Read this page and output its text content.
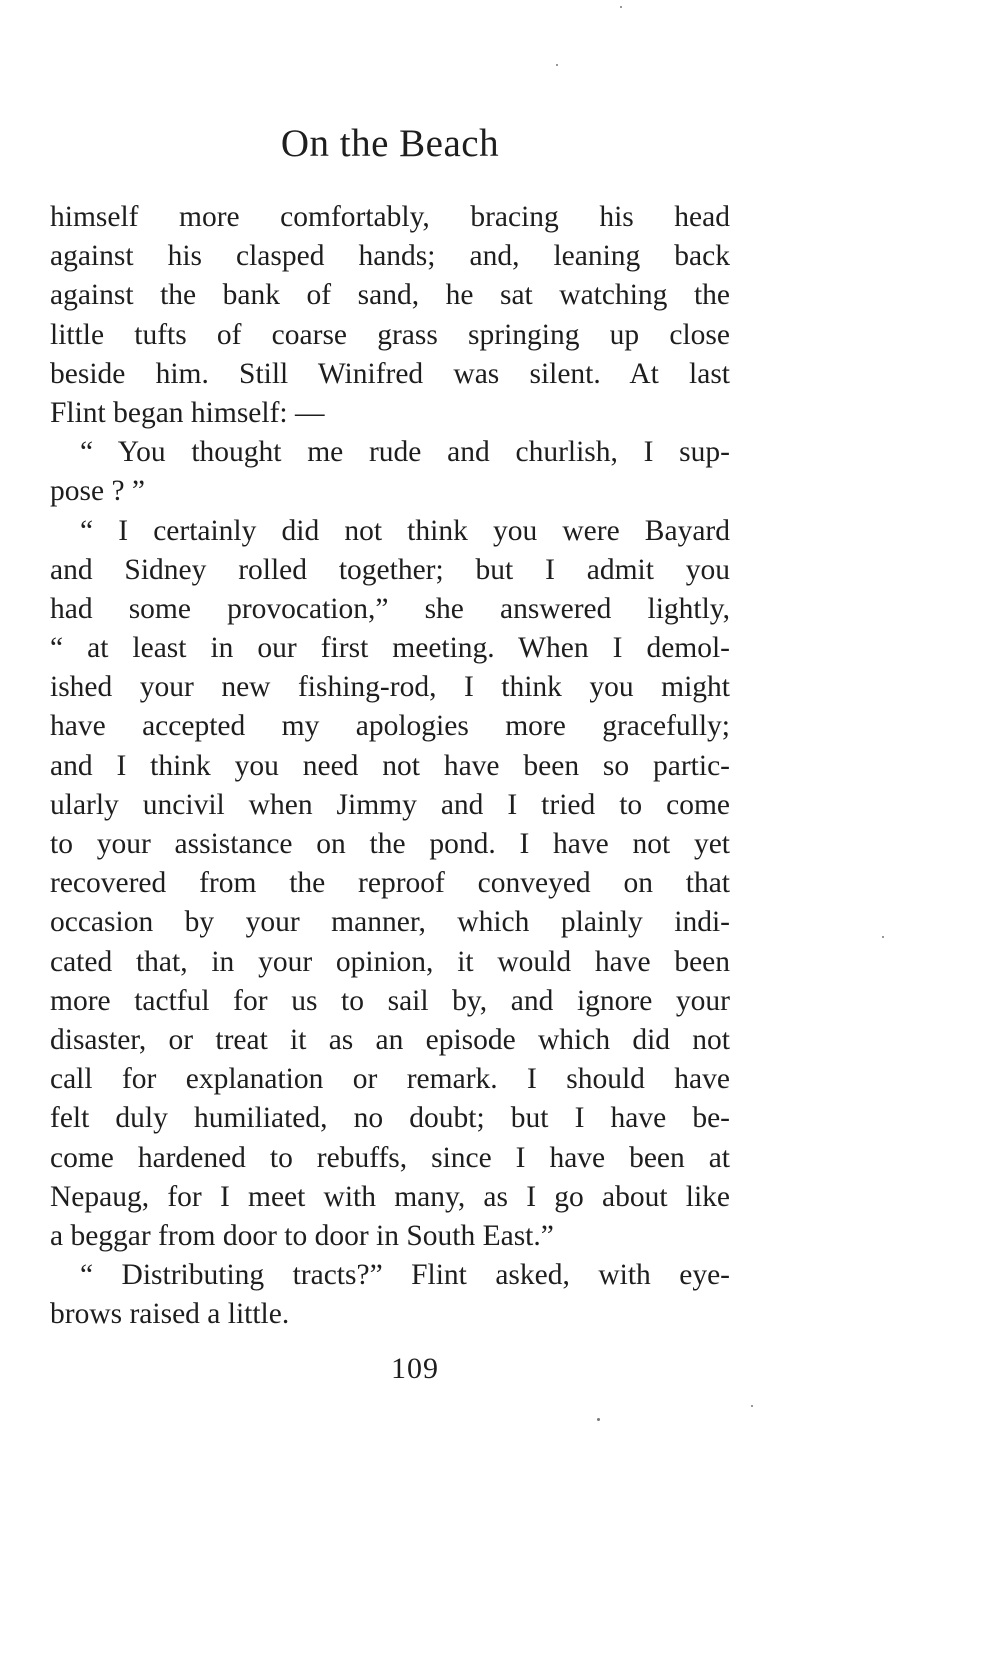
On the Beach
himself more comfortably, bracing his head
against his clasped hands; and, leaning back
against the bank of sand, he sat watching the
little tufts of coarse grass springing up close
beside him. Still Winifred was silent. At last
Flint began himself: —
“ You thought me rude and churlish, I sup-
pose ? ”
“ I certainly did not think you were Bayard
and Sidney rolled together; but I admit you
had some provocation,” she answered lightly,
“ at least in our first meeting. When I demol-
ished your new fishing-rod, I think you might
have accepted my apologies more gracefully;
and I think you need not have been so partic-
ularly uncivil when Jimmy and I tried to come
to your assistance on the pond. I have not yet
recovered from the reproof conveyed on that
occasion by your manner, which plainly indi-
cated that, in your opinion, it would have been
more tactful for us to sail by, and ignore your
disaster, or treat it as an episode which did not
call for explanation or remark. I should have
felt duly humiliated, no doubt; but I have be-
come hardened to rebuffs, since I have been at
Nepaug, for I meet with many, as I go about like
a beggar from door to door in South East.”
“ Distributing tracts?” Flint asked, with eye-
brows raised a little.
109
